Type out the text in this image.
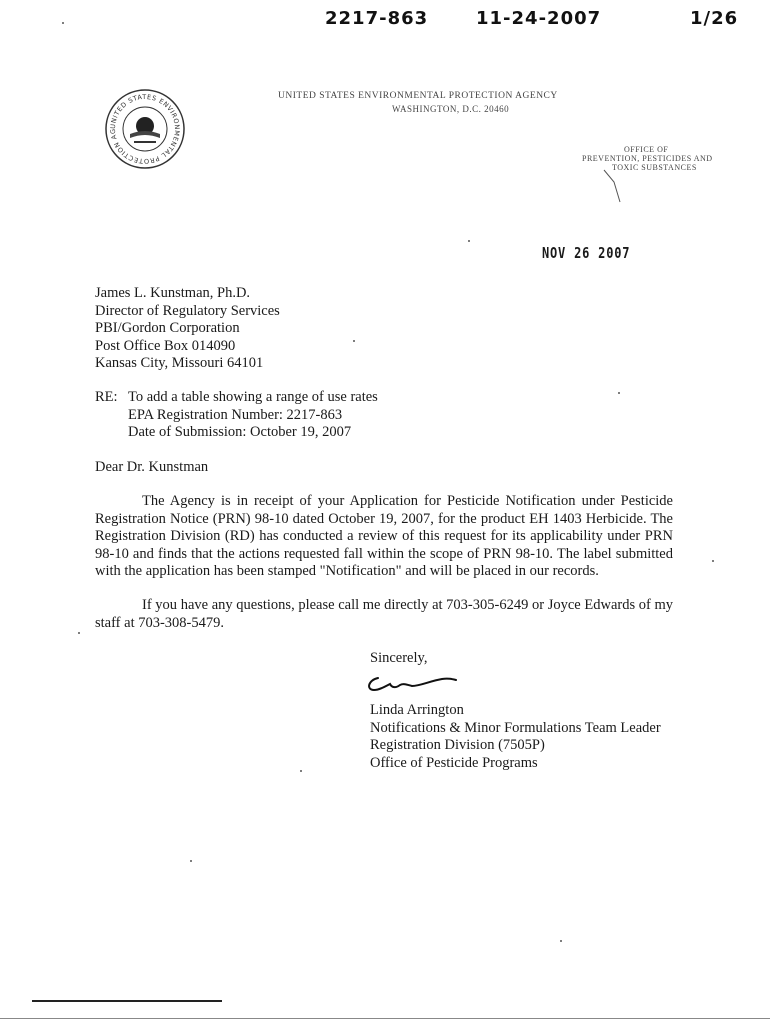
2217-863	11-24-2007	1/26
UNITED STATES ENVIRONMENTAL PROTECTION AG
UNITED STATES ENVIRONMENTAL PROTECTION AGENCY
WASHINGTON, D.C. 20460
OFFICE OF
PREVENTION, PESTICIDES AND
TOXIC SUBSTANCES
NOV 26 2007
James L. Kunstman, Ph.D.
Director of Regulatory Services
PBI/Gordon Corporation
Post Office Box 014090
Kansas City, Missouri 64101
RE: To add a table showing a range of use rates
EPA Registration Number: 2217-863
Date of Submission: October 19, 2007
Dear Dr. Kunstman
The Agency is in receipt of your Application for Pesticide Notification under Pesticide Registration Notice (PRN) 98-10 dated October 19, 2007, for the product EH 1403 Herbicide. The Registration Division (RD) has conducted a review of this request for its applicability under PRN 98-10 and finds that the actions requested fall within the scope of PRN 98-10. The label submitted with the application has been stamped "Notification" and will be placed in our records.
If you have any questions, please call me directly at 703-305-6249 or Joyce Edwards of my staff at 703-308-5479.
Sincerely,
Linda Arrington
Notifications & Minor Formulations Team Leader
Registration Division (7505P)
Office of Pesticide Programs
